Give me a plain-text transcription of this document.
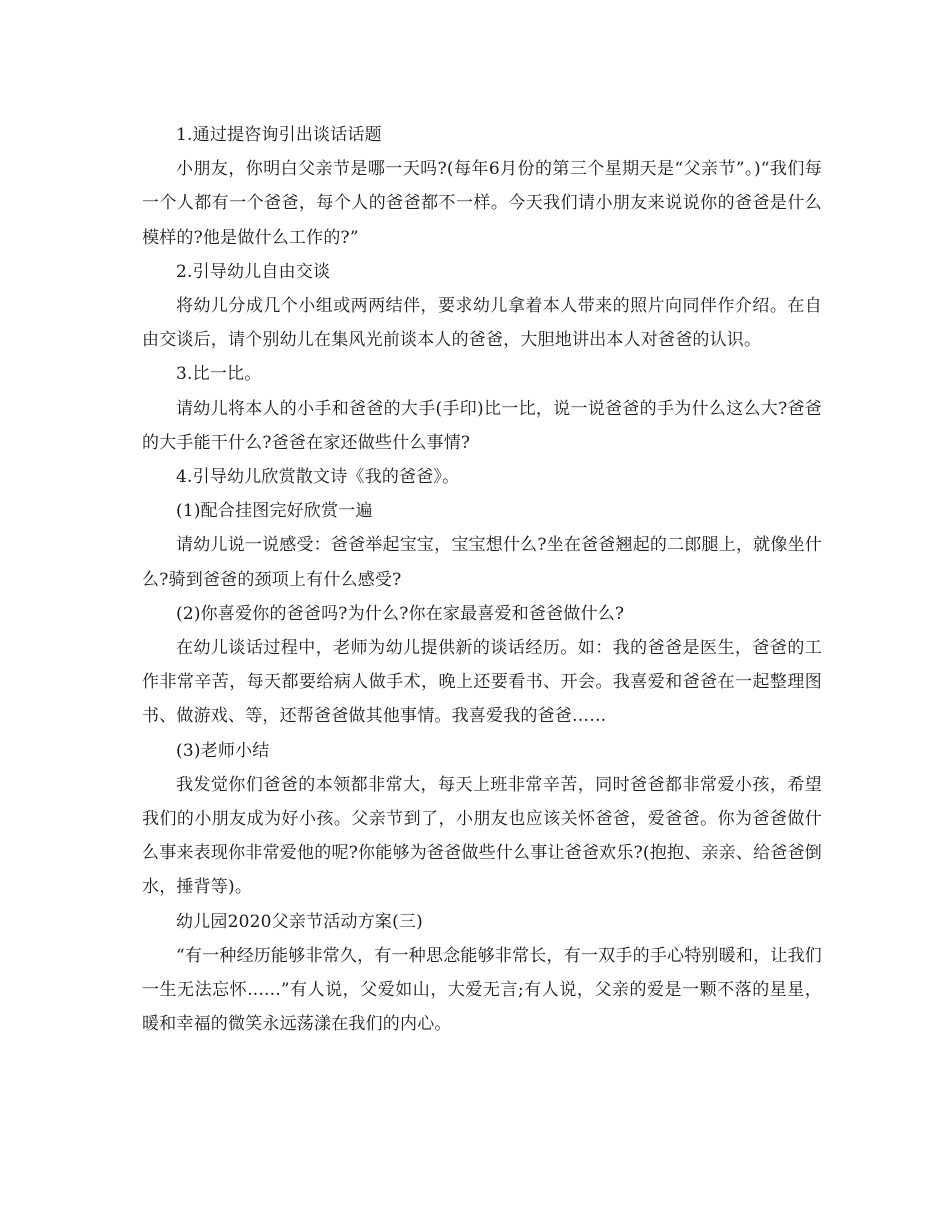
1.通过提咨询引出谈话话题

小朋友，你明白父亲节是哪一天吗?(每年6月份的第三个星期天是“父亲节”。)“我们每一个人都有一个爸爸，每个人的爸爸都不一样。今天我们请小朋友来说说你的爸爸是什么模样的?他是做什么工作的?”

2.引导幼儿自由交谈

将幼儿分成几个小组或两两结伴，要求幼儿拿着本人带来的照片向同伴作介绍。在自由交谈后，请个别幼儿在集风光前谈本人的爸爸，大胆地讲出本人对爸爸的认识。

3.比一比。

请幼儿将本人的小手和爸爸的大手(手印)比一比，说一说爸爸的手为什么这么大?爸爸的大手能干什么?爸爸在家还做些什么事情?

4.引导幼儿欣赏散文诗《我的爸爸》。

(1)配合挂图完好欣赏一遍

请幼儿说一说感受：爸爸举起宝宝，宝宝想什么?坐在爸爸翘起的二郎腿上，就像坐什么?骑到爸爸的颈项上有什么感受?

(2)你喜爱你的爸爸吗?为什么?你在家最喜爱和爸爸做什么?

在幼儿谈话过程中，老师为幼儿提供新的谈话经历。如：我的爸爸是医生，爸爸的工作非常辛苦，每天都要给病人做手术，晚上还要看书、开会。我喜爱和爸爸在一起整理图书、做游戏、等，还帮爸爸做其他事情。我喜爱我的爸爸……

(3)老师小结

我发觉你们爸爸的本领都非常大，每天上班非常辛苦，同时爸爸都非常爱小孩，希望我们的小朋友成为好小孩。父亲节到了，小朋友也应该关怀爸爸，爱爸爸。你为爸爸做什么事来表现你非常爱他的呢?你能够为爸爸做些什么事让爸爸欢乐?(抱抱、亲亲、给爸爸倒水，捶背等)。

幼儿园2020父亲节活动方案(三)

“有一种经历能够非常久，有一种思念能够非常长，有一双手的手心特别暖和，让我们一生无法忘怀......”有人说，父爱如山，大爱无言;有人说，父亲的爱是一颗不落的星星，暖和幸福的微笑永远荡漾在我们的内心。
